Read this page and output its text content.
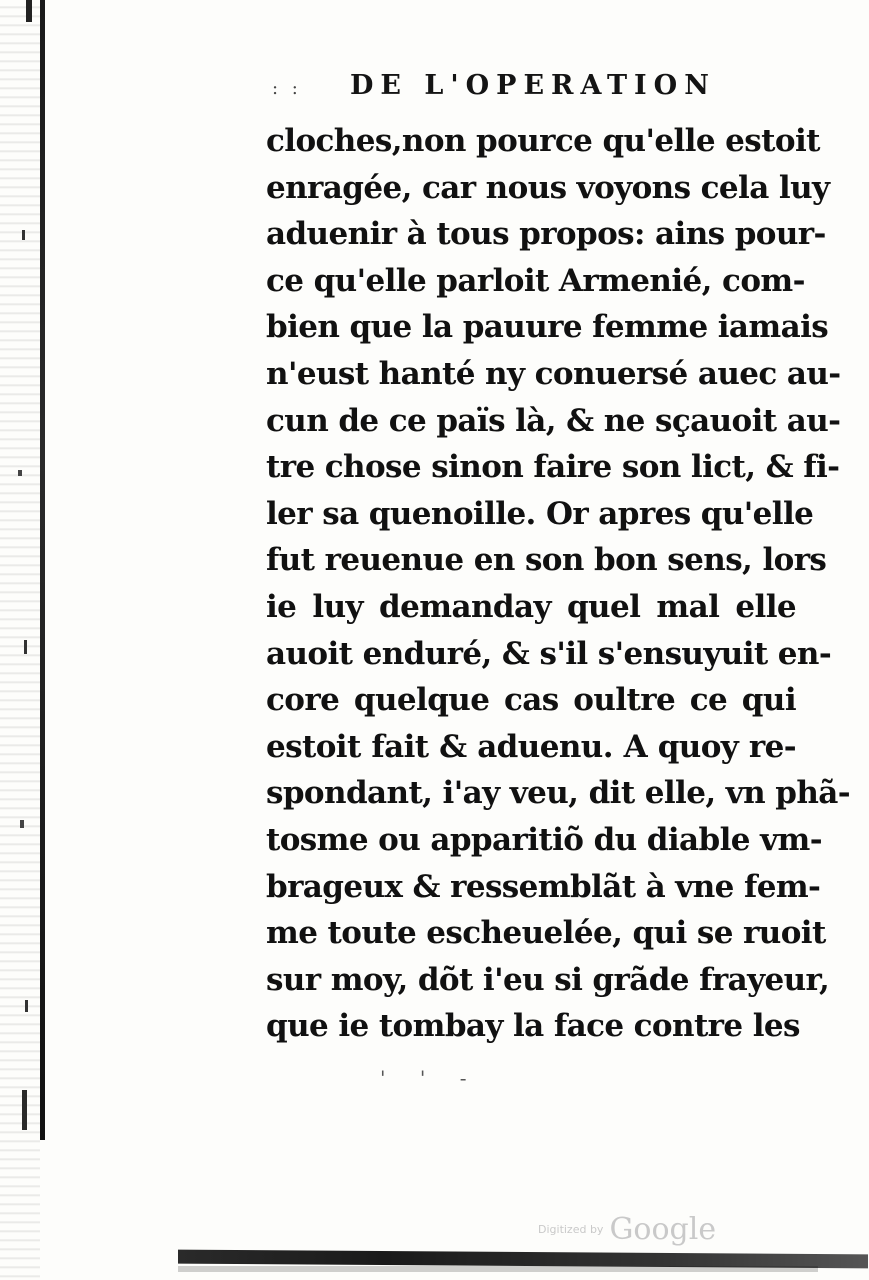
: : DE L'OPERATION
cloches,non pource qu'elle estoit
enragée, car nous voyons cela luy
aduenir à tous propos: ains pour-
ce qu'elle parloit Armenié, com-
bien que la pauure femme iamais
n'eust hanté ny conuersé auec au-
cun de ce païs là, & ne sçauoit au-
tre chose sinon faire son lict, & fi-
ler sa quenoille. Or apres qu'elle
fut reuenue en son bon sens, lors
ie luy demanday quel mal elle
auoit enduré, & s'il s'ensuyuit en-
core quelque cas oultre ce qui
estoit fait & aduenu. A quoy re-
spondant, i'ay veu, dit elle, vn phã-
tosme ou apparitiõ du diable vm-
brageux & ressemblãt à vne fem-
me toute escheuelée, qui se ruoit
sur moy, dõt i'eu si grãde frayeur,
que ie tombay la face contre les
' ' -
Digitized by Google
